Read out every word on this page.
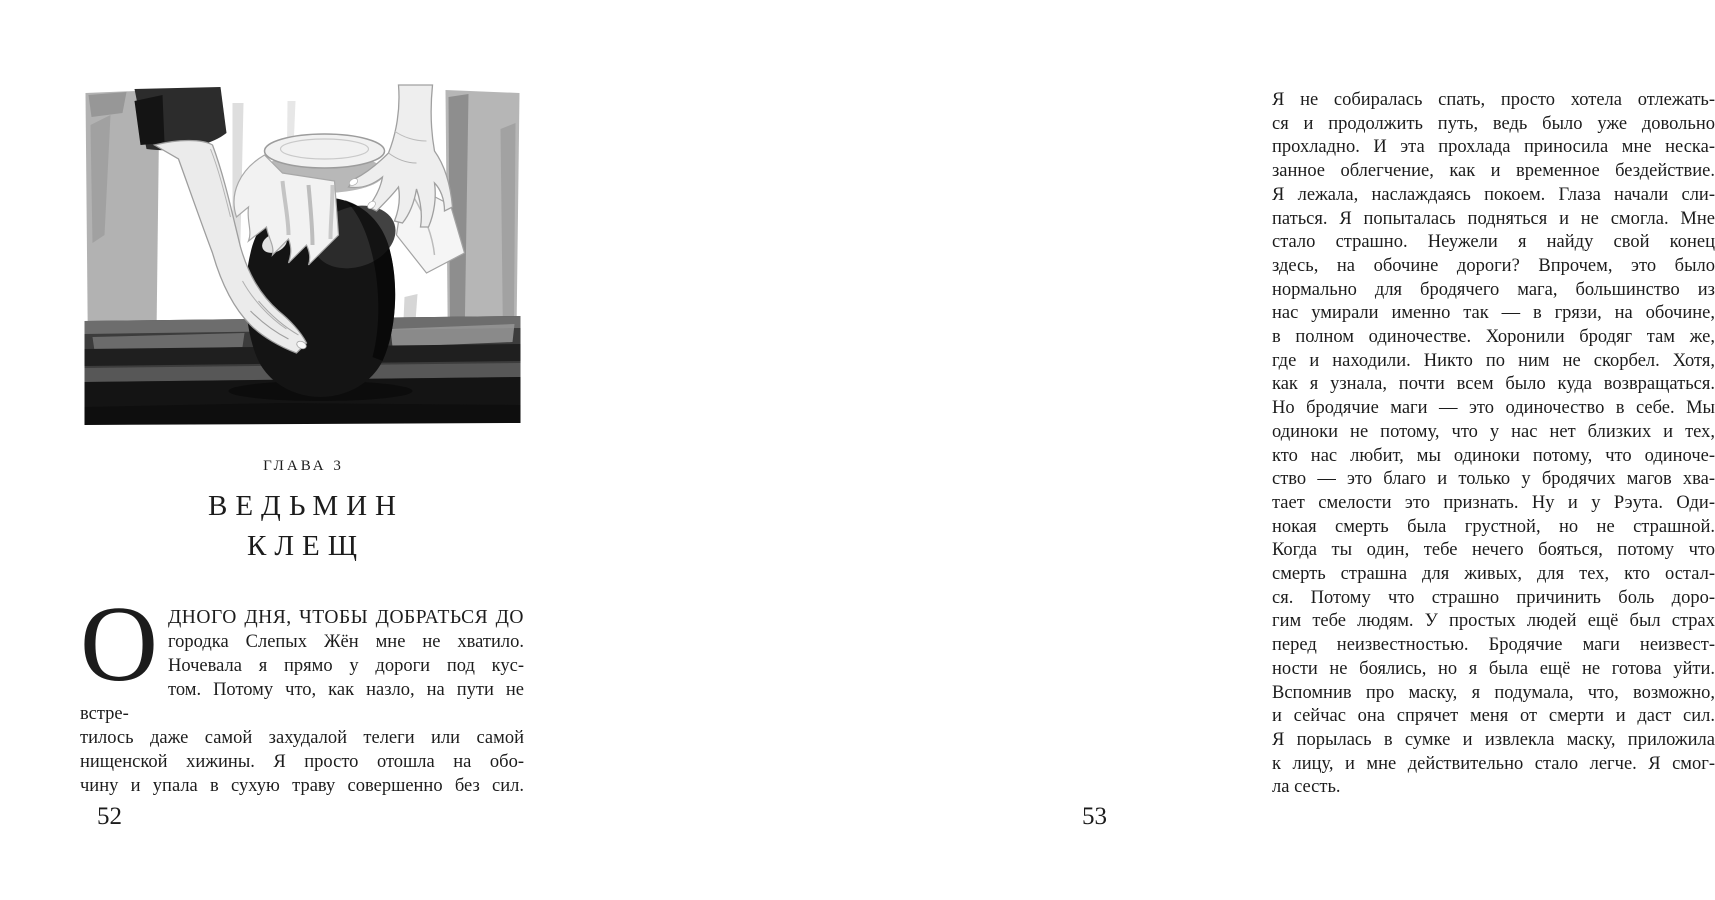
ГЛАВА 3
ВЕДЬМИН
КЛЕЩ
ОДНОГО ДНЯ, ЧТОБЫ ДОБРАТЬСЯ ДО
городка Слепых Жён мне не хватило.
Ночевала я прямо у дороги под кус-
том. Потому что, как назло, на пути не встре-
тилось даже самой захудалой телеги или самой
нищенской хижины. Я просто отошла на обо-
чину и упала в сухую траву совершенно без сил.
52
Я не собиралась спать, просто хотела отлежать-
ся и продолжить путь, ведь было уже довольно
прохладно. И эта прохлада приносила мне неска-
занное облегчение, как и временное бездействие.
Я лежала, наслаждаясь покоем. Глаза начали сли-
паться. Я попыталась подняться и не смогла. Мне
стало страшно. Неужели я найду свой конец
здесь, на обочине дороги? Впрочем, это было
нормально для бродячего мага, большинство из
нас умирали именно так — в грязи, на обочине,
в полном одиночестве. Хоронили бродяг там же,
где и находили. Никто по ним не скорбел. Хотя,
как я узнала, почти всем было куда возвращаться.
Но бродячие маги — это одиночество в себе. Мы
одиноки не потому, что у нас нет близких и тех,
кто нас любит, мы одиноки потому, что одиноче-
ство — это благо и только у бродячих магов хва-
тает смелости это признать. Ну и у Рэута. Оди-
нокая смерть была грустной, но не страшной.
Когда ты один, тебе нечего бояться, потому что
смерть страшна для живых, для тех, кто остал-
ся. Потому что страшно причинить боль доро-
гим тебе людям. У простых людей ещё был страх
перед неизвестностью. Бродячие маги неизвест-
ности не боялись, но я была ещё не готова уйти.
Вспомнив про маску, я подумала, что, возможно,
и сейчас она спрячет меня от смерти и даст сил.
Я порылась в сумке и извлекла маску, приложила
к лицу, и мне действительно стало легче. Я смог-
ла сесть.
53
